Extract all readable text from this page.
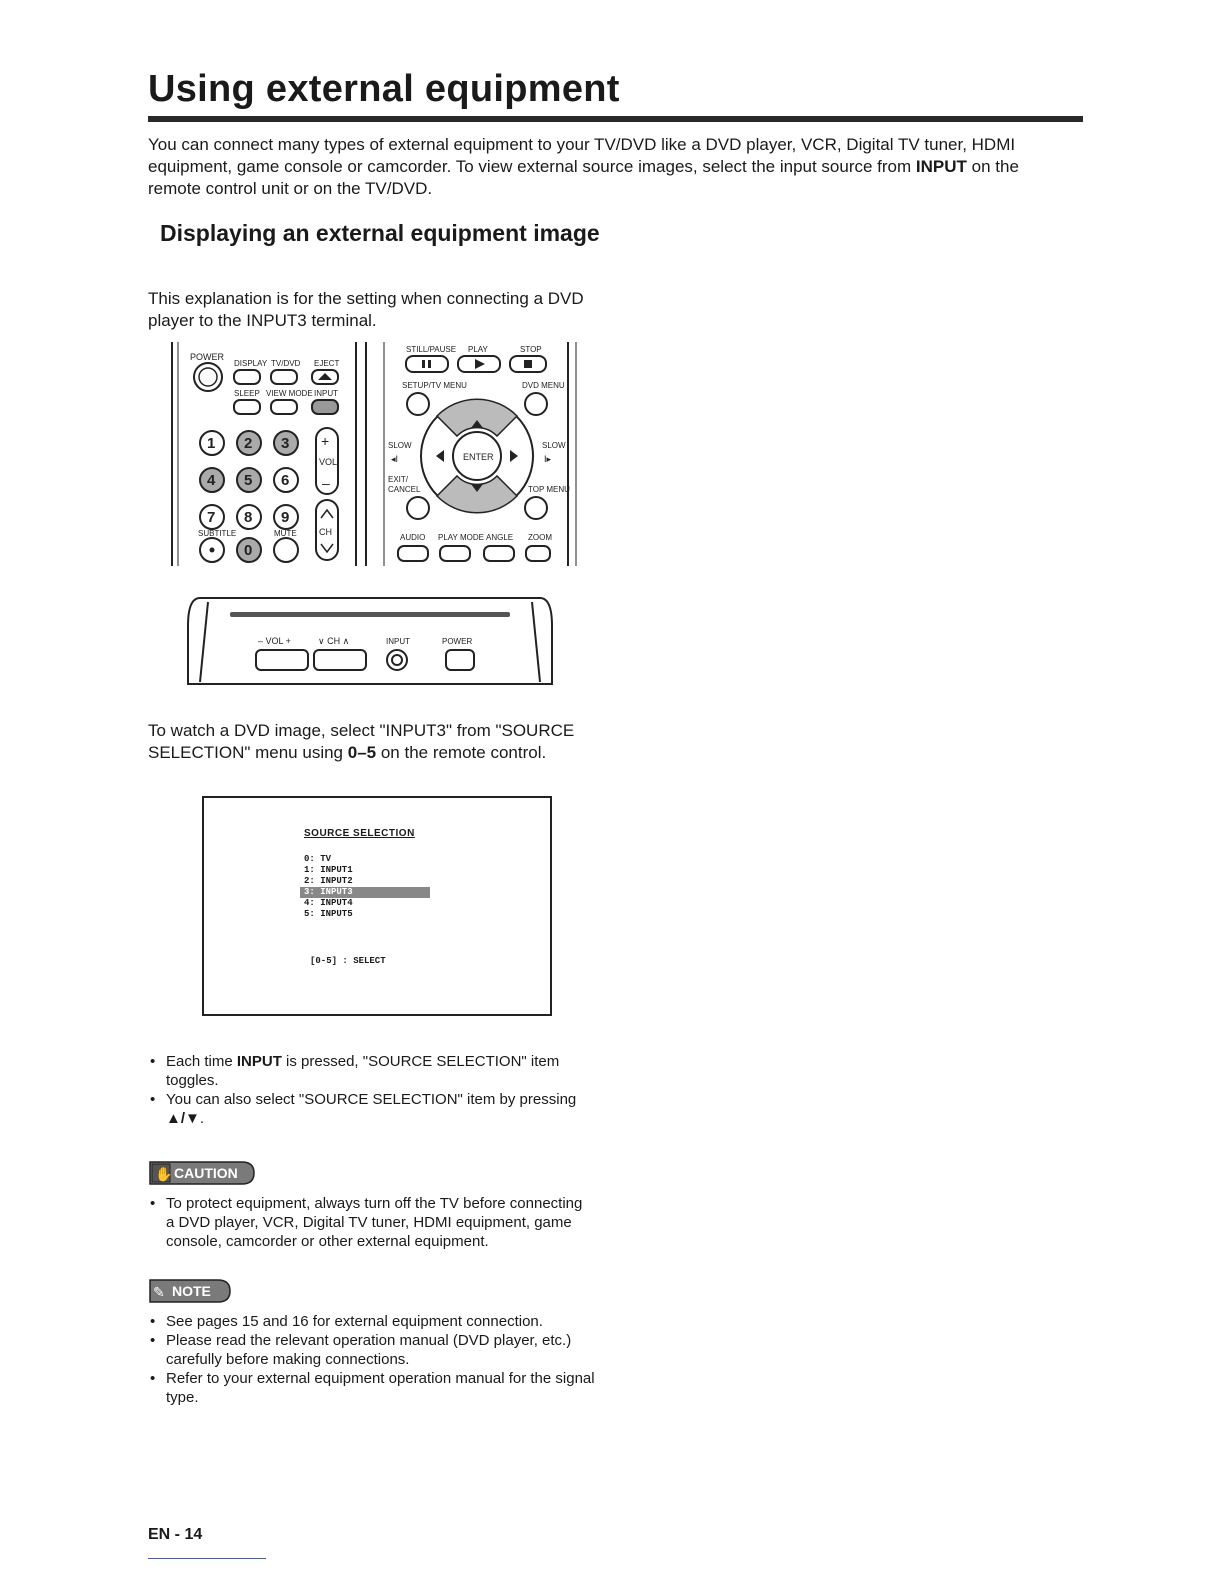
Using external equipment

You can connect many types of external equipment to your TV/DVD like a DVD player, VCR, Digital TV tuner, HDMI equipment, game console or camcorder. To view external source images, select the input source from INPUT on the remote control unit or on the TV/DVD.

Displaying an external equipment image

This explanation is for the setting when connecting a DVD player to the INPUT3 terminal.

POWER
DISPLAY TV/DVD EJECT
SLEEP VIEW MODE INPUT
1 2 3
4 5 6
7 8 9
0
SUBTITLE	MUTE
+
VOL
–
CH
STILL/PAUSE PLAY	STOP
SETUP/TV MENU	DVD MENU
ENTER
SLOW
◂I
SLOW
I▸
EXIT/
CANCEL	TOP MENU
AUDIO PLAY MODE ANGLE ZOOM
– VOL +	∨ CH ∧	INPUT	POWER

To watch a DVD image, select "INPUT3" from "SOURCE SELECTION" menu using 0–5 on the remote control.

SOURCE SELECTION
0: TV
1: INPUT1
2: INPUT2
3: INPUT3
4: INPUT4
5: INPUT5
[0-5] : SELECT
• Each time INPUT is pressed, "SOURCE SELECTION" item toggles.
• You can also select "SOURCE SELECTION" item by pressing ▲/▼.
✋ CAUTION
• To protect equipment, always turn off the TV before connecting a DVD player, VCR, Digital TV tuner, HDMI equipment, game console, camcorder or other external equipment.
✎ NOTE
• See pages 15 and 16 for external equipment connection.
• Please read the relevant operation manual (DVD player, etc.) carefully before making connections.
• Refer to your external equipment operation manual for the signal type.
EN - 14
